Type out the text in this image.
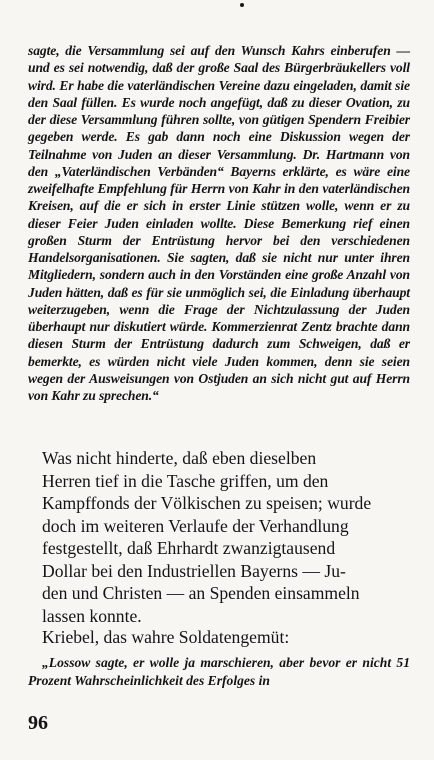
sagte, die Versammlung sei auf den Wunsch Kahrs einberufen — und es sei notwendig, daß der große Saal des Bürgerbräukellers voll wird. Er habe die vaterländischen Vereine dazu eingeladen, damit sie den Saal füllen. Es wurde noch angefügt, daß zu dieser Ovation, zu der diese Versammlung führen sollte, von gütigen Spendern Freibier gegeben werde. Es gab dann noch eine Diskussion wegen der Teilnahme von Juden an dieser Versammlung. Dr. Hartmann von den „Vaterländischen Verbänden“ Bayerns erklärte, es wäre eine zweifelhafte Empfehlung für Herrn von Kahr in den vaterländischen Kreisen, auf die er sich in erster Linie stützen wolle, wenn er zu dieser Feier Juden einladen wollte. Diese Bemerkung rief einen großen Sturm der Entrüstung hervor bei den verschiedenen Handelsorganisationen. Sie sagten, daß sie nicht nur unter ihren Mitgliedern, sondern auch in den Vorständen eine große Anzahl von Juden hätten, daß es für sie unmöglich sei, die Einladung überhaupt weiterzugeben, wenn die Frage der Nichtzulassung der Juden überhaupt nur diskutiert würde. Kommerzienrat Zentz brachte dann diesen Sturm der Entrüstung dadurch zum Schweigen, daß er bemerkte, es würden nicht viele Juden kommen, denn sie seien wegen der Ausweisungen von Ostjuden an sich nicht gut auf Herrn von Kahr zu sprechen.“

Was nicht hinderte, daß eben dieselben
Herren tief in die Tasche griffen, um den
Kampffonds der Völkischen zu speisen; wurde
doch im weiteren Verlaufe der Verhandlung
festgestellt, daß Ehrhardt zwanzigtausend
Dollar bei den Industriellen Bayerns — Ju-
den und Christen — an Spenden einsammeln
lassen konnte.

Kriebel, das wahre Soldatengemüt:

„Lossow sagte, er wolle ja marschieren, aber bevor er nicht 51 Prozent Wahrscheinlichkeit des Erfolges in

96
